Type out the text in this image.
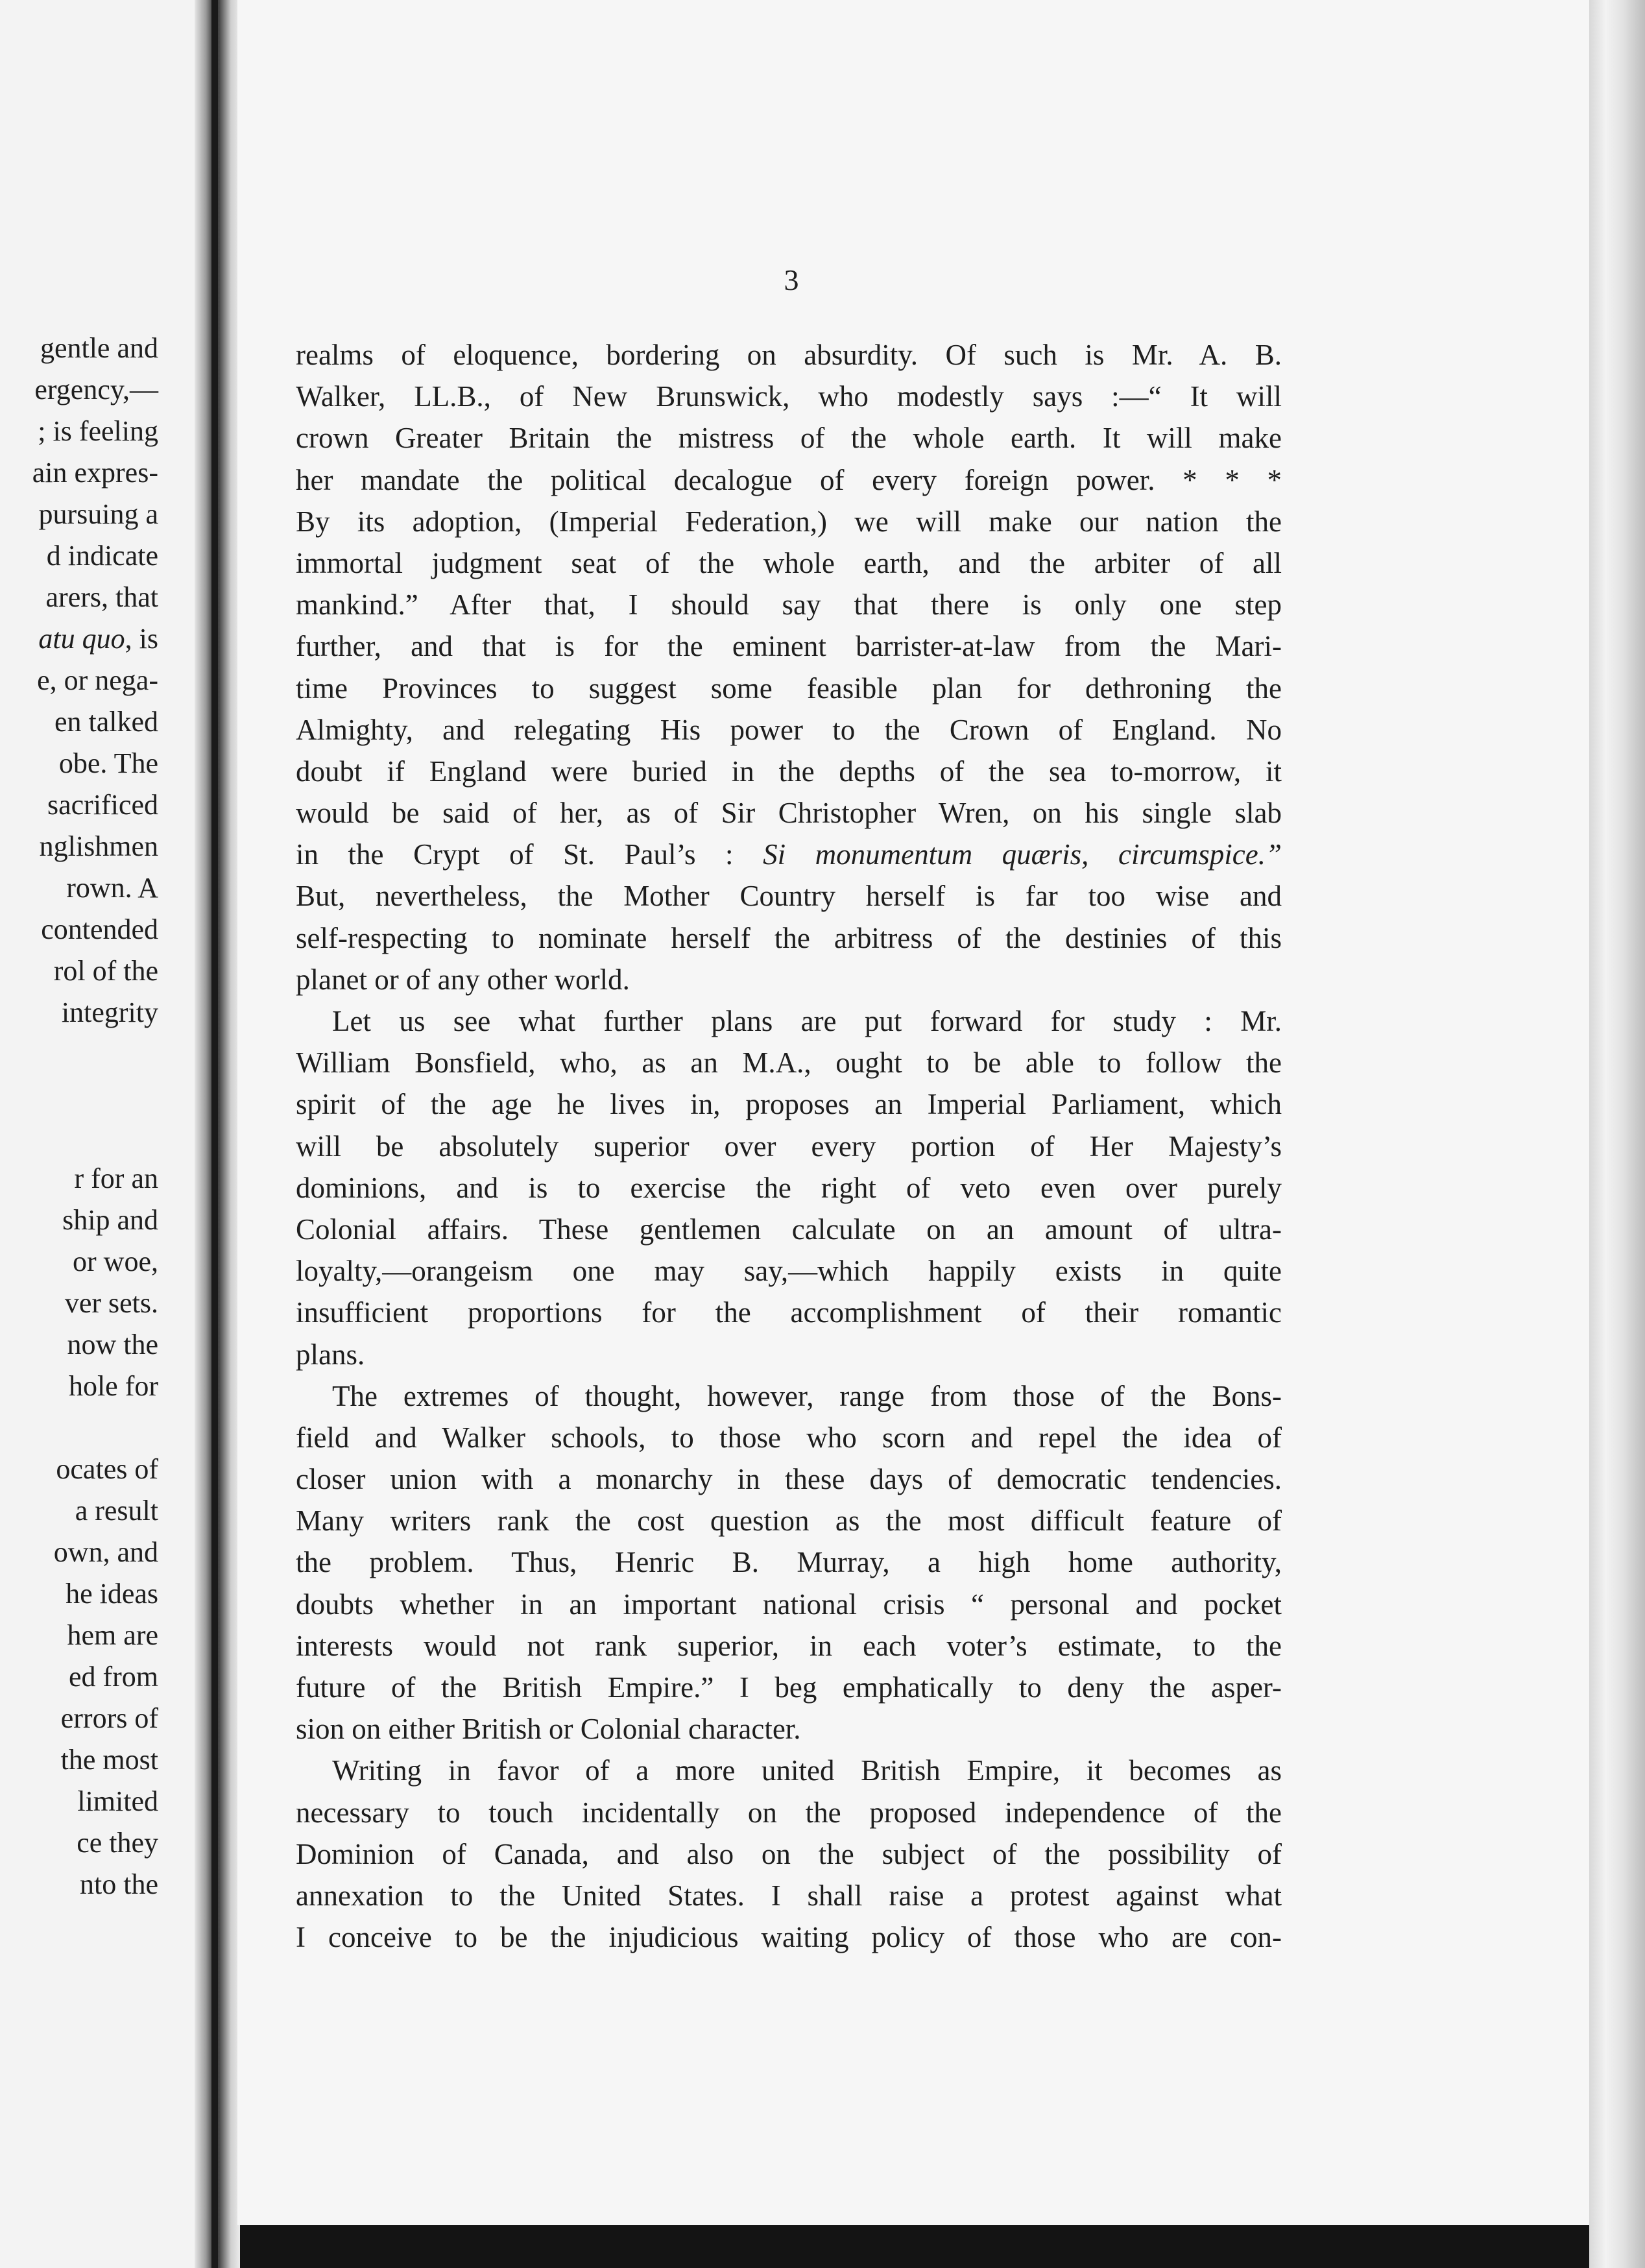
gentle and
ergency,—
; is feeling
ain expres-
pursuing a
d indicate
arers, that
atu quo, is
e, or nega-
en talked
obe. The
sacrificed
nglishmen
rown. A
contended
rol of the
integrity
r for an
ship and
or woe,
ver sets.
now the
hole for
ocates of
a result
own, and
he ideas
hem are
ed from
errors of
the most
limited
ce they
nto the
3
realms of eloquence, bordering on absurdity. Of such is Mr. A. B.
Walker, LL.B., of New Brunswick, who modestly says :—“ It will
crown Greater Britain the mistress of the whole earth. It will make
her mandate the political decalogue of every foreign power. * * *
By its adoption, (Imperial Federation,) we will make our nation the
immortal judgment seat of the whole earth, and the arbiter of all
mankind.” After that, I should say that there is only one step
further, and that is for the eminent barrister-at-law from the Mari-
time Provinces to suggest some feasible plan for dethroning the
Almighty, and relegating His power to the Crown of England. No
doubt if England were buried in the depths of the sea to-morrow, it
would be said of her, as of Sir Christopher Wren, on his single slab
in the Crypt of St. Paul’s : Si monumentum quæris, circumspice.”
But, nevertheless, the Mother Country herself is far too wise and
self-respecting to nominate herself the arbitress of the destinies of this
planet or of any other world.
Let us see what further plans are put forward for study : Mr.
William Bonsfield, who, as an M.A., ought to be able to follow the
spirit of the age he lives in, proposes an Imperial Parliament, which
will be absolutely superior over every portion of Her Majesty’s
dominions, and is to exercise the right of veto even over purely
Colonial affairs. These gentlemen calculate on an amount of ultra-
loyalty,—orangeism one may say,—which happily exists in quite
insufficient proportions for the accomplishment of their romantic
plans.
The extremes of thought, however, range from those of the Bons-
field and Walker schools, to those who scorn and repel the idea of
closer union with a monarchy in these days of democratic tendencies.
Many writers rank the cost question as the most difficult feature of
the problem. Thus, Henric B. Murray, a high home authority,
doubts whether in an important national crisis “ personal and pocket
interests would not rank superior, in each voter’s estimate, to the
future of the British Empire.” I beg emphatically to deny the asper-
sion on either British or Colonial character.
Writing in favor of a more united British Empire, it becomes as
necessary to touch incidentally on the proposed independence of the
Dominion of Canada, and also on the subject of the possibility of
annexation to the United States. I shall raise a protest against what
I conceive to be the injudicious waiting policy of those who are con-
